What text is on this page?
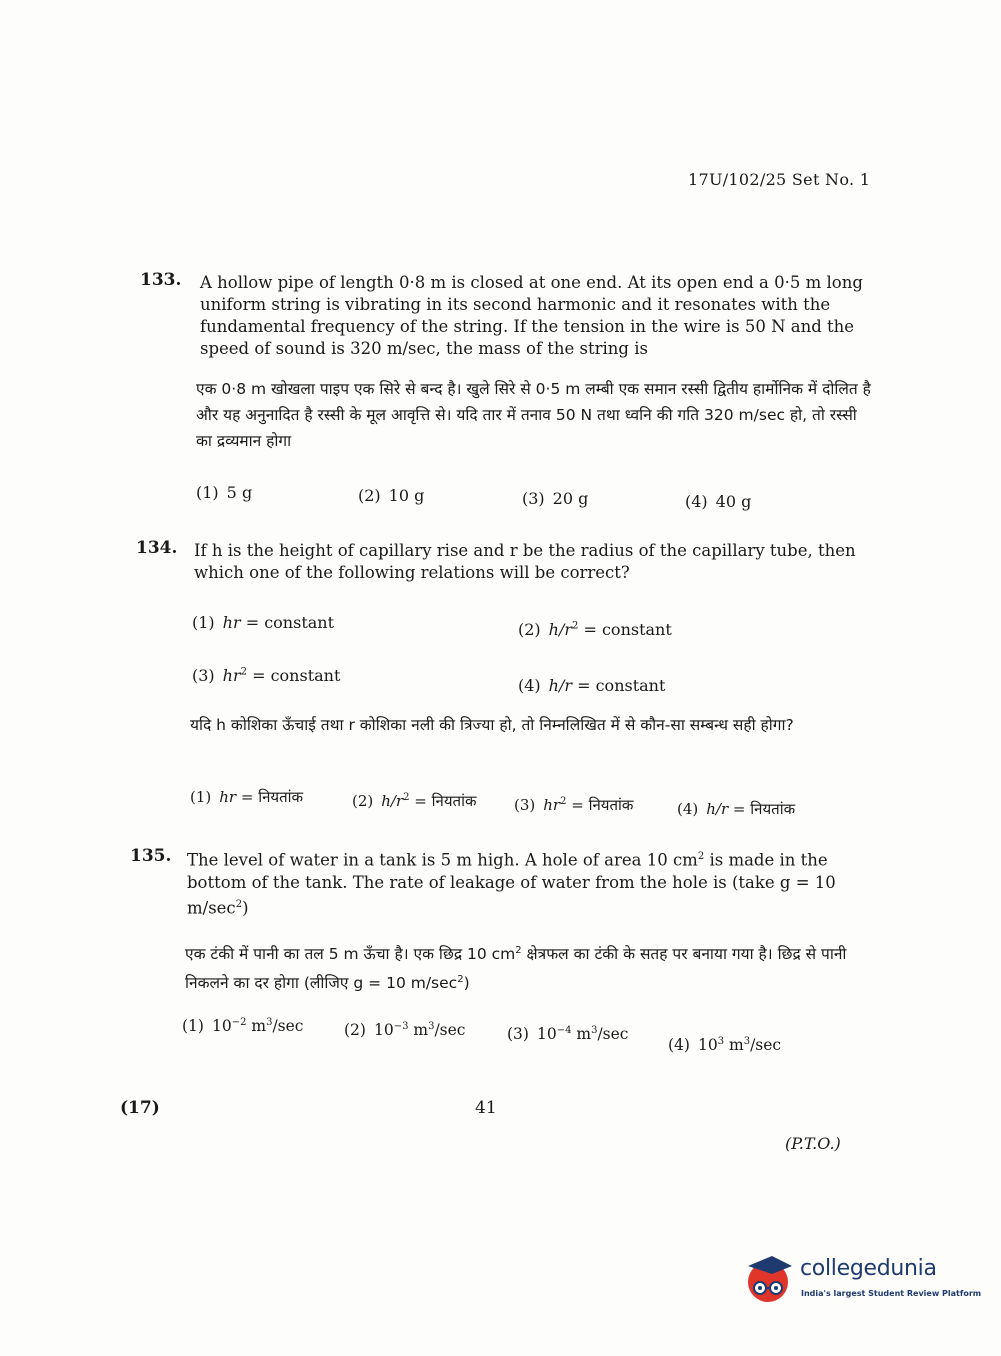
17U/102/25 Set No. 1
133. A hollow pipe of length 0·8 m is closed at one end. At its open end a 0·5 m long uniform string is vibrating in its second harmonic and it resonates with the fundamental frequency of the string. If the tension in the wire is 50 N and the speed of sound is 320 m/sec, the mass of the string is
एक 0·8 m खोखला पाइप एक सिरे से बन्द है। खुले सिरे से 0·5 m लम्बी एक समान रस्सी द्वितीय हार्मोनिक में दोलित है और यह अनुनादित है रस्सी के मूल आवृत्ति से। यदि तार में तनाव 50 N तथा ध्वनि की गति 320 m/sec हो, तो रस्सी का द्रव्यमान होगा
(1) 5 g	(2) 10 g	(3) 20 g	(4) 40 g
134. If h is the height of capillary rise and r be the radius of the capillary tube, then which one of the following relations will be correct?
(1) hr = constant	(2) $h/r^2$ = constant
(3) $hr^2$ = constant
(4) h/r = constant
यदि h कोशिका ऊँचाई तथा r कोशिका नली की त्रिज्या हो, तो निम्नलिखित में से कौन-सा सम्बन्ध सही होगा?
(1) hr = नियतांक	(2) $h/r^2$ = नियतांक	(3) $hr^2$ = नियतांक	(4) h/r = नियतांक
135. The level of water in a tank is 5 m high. A hole of area 10 $cm^2$ is made in the bottom of the tank. The rate of leakage of water from the hole is (take g = 10 $m/\sec^2$)
एक टंकी में पानी का तल 5 m ऊँचा है। एक छिद्र 10 $cm^2$ क्षेत्रफल का टंकी के सतह पर बनाया गया है। छिद्र से पानी निकलने का दर होगा (लीजिए g = 10 $m/\sec^2$)
(1) $10^{-2}$ $m^3/\sec$	(2) $10^{-3}$ $m^3/\sec$	(3) $10^{-4}$ $m^3/\sec$
(4) $10^3$ $m^3/\sec$
(17)	41
(P.T.O.)
collegedunia
India's largest Student Review Platform
